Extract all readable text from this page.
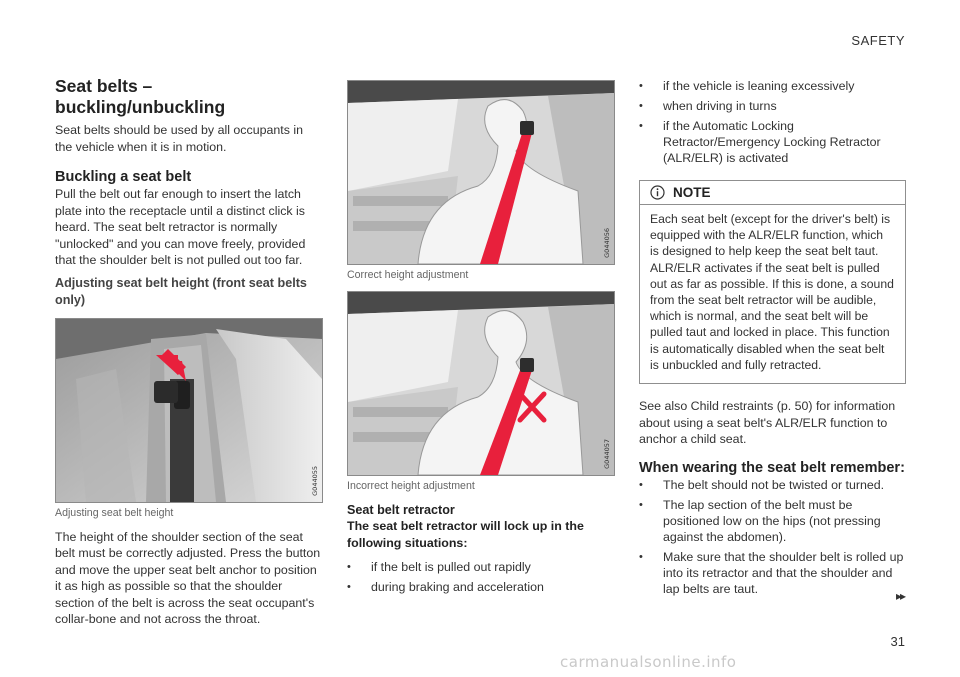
SAFETY
Seat belts – buckling/unbuckling

Seat belts should be used by all occupants in the vehicle when it is in motion.

Buckling a seat belt

Pull the belt out far enough to insert the latch plate into the receptacle until a distinct click is heard. The seat belt retractor is normally "unlocked" and you can move freely, provided that the shoulder belt is not pulled out too far.

Adjusting seat belt height (front seat belts only)
G044055
Adjusting seat belt height

The height of the shoulder section of the seat belt must be correctly adjusted. Press the button and move the upper seat belt anchor to position it as high as possible so that the shoulder section of the belt is across the seat occupant's collar-bone and not across the throat.

G044056
Correct height adjustment
G044057
Incorrect height adjustment
Seat belt retractor

The seat belt retractor will lock up in the following situations:

• if the belt is pulled out rapidly
• during braking and acceleration
• if the vehicle is leaning excessively
• when driving in turns
• if the Automatic Locking Retractor/Emergency Locking Retractor (ALR/ELR) is activated
NOTE

Each seat belt (except for the driver's belt) is equipped with the ALR/ELR function, which is designed to help keep the seat belt taut. ALR/ELR activates if the seat belt is pulled out as far as possible. If this is done, a sound from the seat belt retractor will be audible, which is normal, and the seat belt will be pulled taut and locked in place. This function is automatically disabled when the seat belt is unbuckled and fully retracted.

See also Child restraints (p. 50) for information about using a seat belt's ALR/ELR function to anchor a child seat.

When wearing the seat belt remember:
• The belt should not be twisted or turned.
• The lap section of the belt must be positioned low on the hips (not pressing against the abdomen).
• Make sure that the shoulder belt is rolled up into its retractor and that the shoulder and lap belts are taut.
▸▸
31
carmanualsonline.info
